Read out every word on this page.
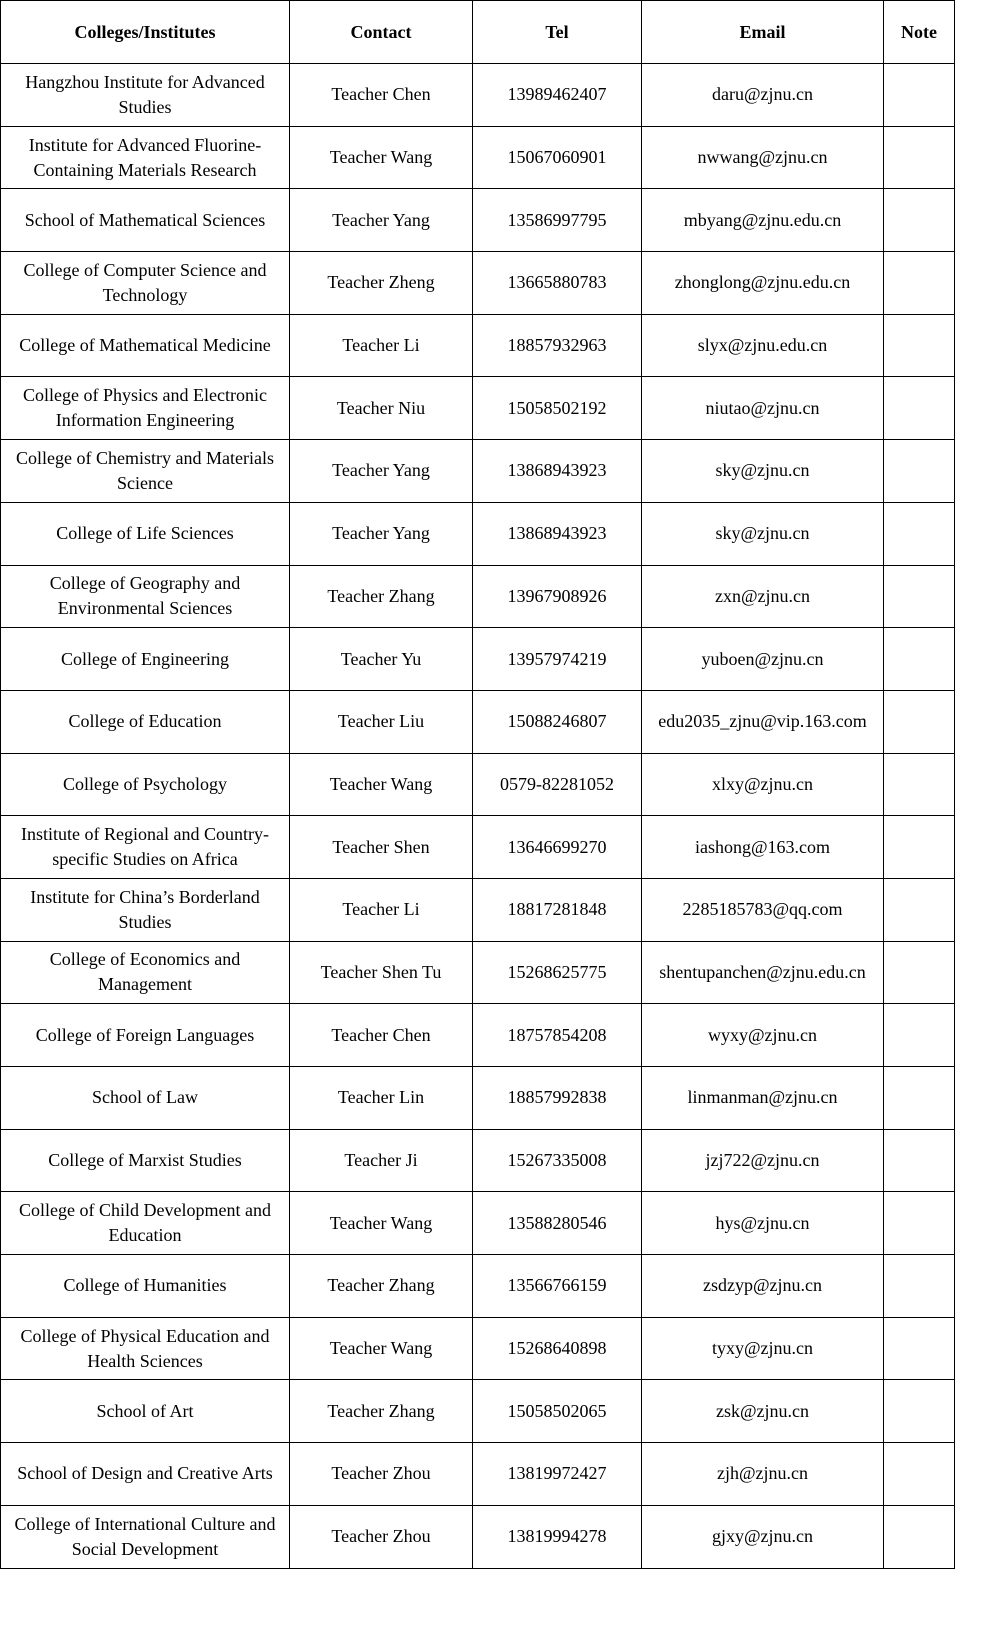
Colleges/Institutes	Contact	Tel	Email	Note
Hangzhou Institute for Advanced Studies	Teacher Chen	13989462407	daru@zjnu.cn	
Institute for Advanced Fluorine-Containing Materials Research	Teacher Wang	15067060901	nwwang@zjnu.cn	
School of Mathematical Sciences	Teacher Yang	13586997795	mbyang@zjnu.edu.cn	
College of Computer Science and Technology	Teacher Zheng	13665880783	zhonglong@zjnu.edu.cn	
College of Mathematical Medicine	Teacher Li	18857932963	slyx@zjnu.edu.cn	
College of Physics and Electronic Information Engineering	Teacher Niu	15058502192	niutao@zjnu.cn	
College of Chemistry and Materials Science	Teacher Yang	13868943923	sky@zjnu.cn	
College of Life Sciences	Teacher Yang	13868943923	sky@zjnu.cn	
College of Geography and Environmental Sciences	Teacher Zhang	13967908926	zxn@zjnu.cn	
College of Engineering	Teacher Yu	13957974219	yuboen@zjnu.cn	
College of Education	Teacher Liu	15088246807	edu2035_zjnu@vip.163.com	
College of Psychology	Teacher Wang	0579-82281052	xlxy@zjnu.cn	
Institute of Regional and Country-specific Studies on Africa	Teacher Shen	13646699270	iashong@163.com	
Institute for China’s Borderland Studies	Teacher Li	18817281848	2285185783@qq.com	
College of Economics and Management	Teacher Shen Tu	15268625775	shentupanchen@zjnu.edu.cn	
College of Foreign Languages	Teacher Chen	18757854208	wyxy@zjnu.cn	
School of Law	Teacher Lin	18857992838	linmanman@zjnu.cn	
College of Marxist Studies	Teacher Ji	15267335008	jzj722@zjnu.cn	
College of Child Development and Education	Teacher Wang	13588280546	hys@zjnu.cn	
College of Humanities	Teacher Zhang	13566766159	zsdzyp@zjnu.cn	
College of Physical Education and Health Sciences	Teacher Wang	15268640898	tyxy@zjnu.cn	
School of Art	Teacher Zhang	15058502065	zsk@zjnu.cn	
School of Design and Creative Arts	Teacher Zhou	13819972427	zjh@zjnu.cn	
College of International Culture and Social Development	Teacher Zhou	13819994278	gjxy@zjnu.cn	
